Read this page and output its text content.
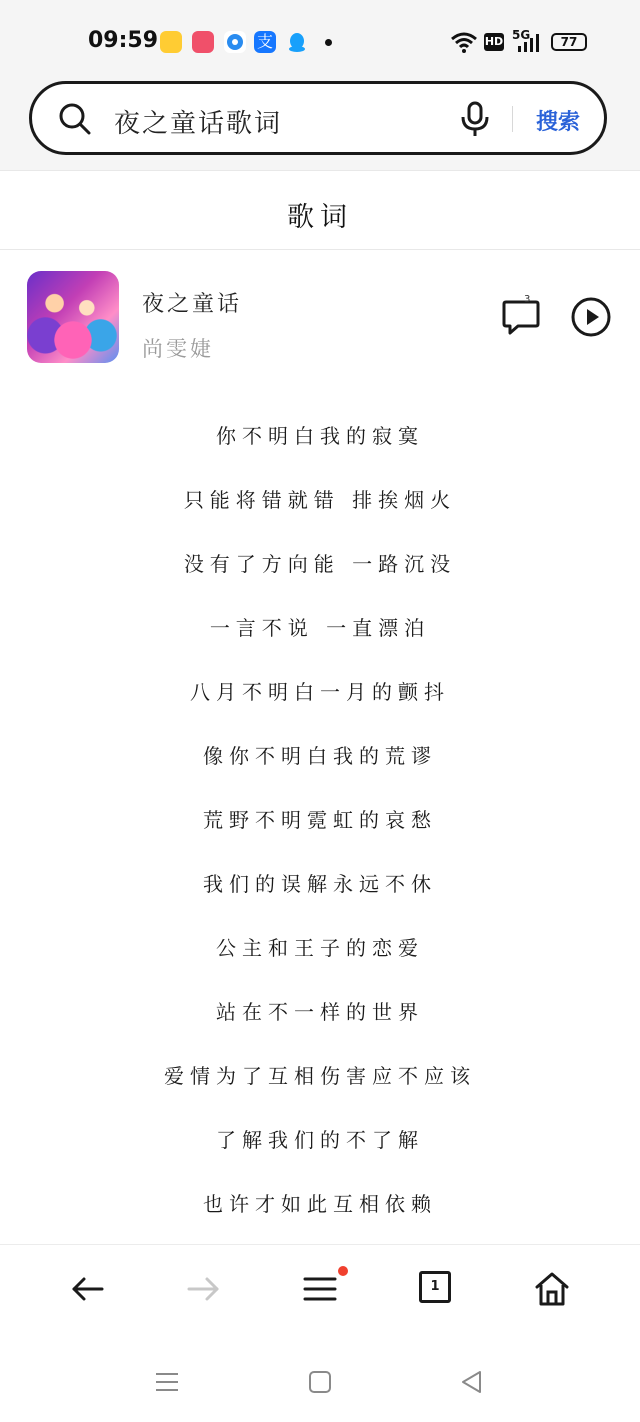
09:59	支	HD 5G	77
夜之童话歌词	搜索
歌词
夜之童话
尚雯婕
3
你不明白我的寂寞
只能将错就错 排挨烟火
没有了方向能 一路沉没
一言不说 一直漂泊
八月不明白一月的颤抖
像你不明白我的荒谬
荒野不明霓虹的哀愁
我们的误解永远不休
公主和王子的恋爱
站在不一样的世界
爱情为了互相伤害应不应该
了解我们的不了解
也许才如此互相依赖
1
